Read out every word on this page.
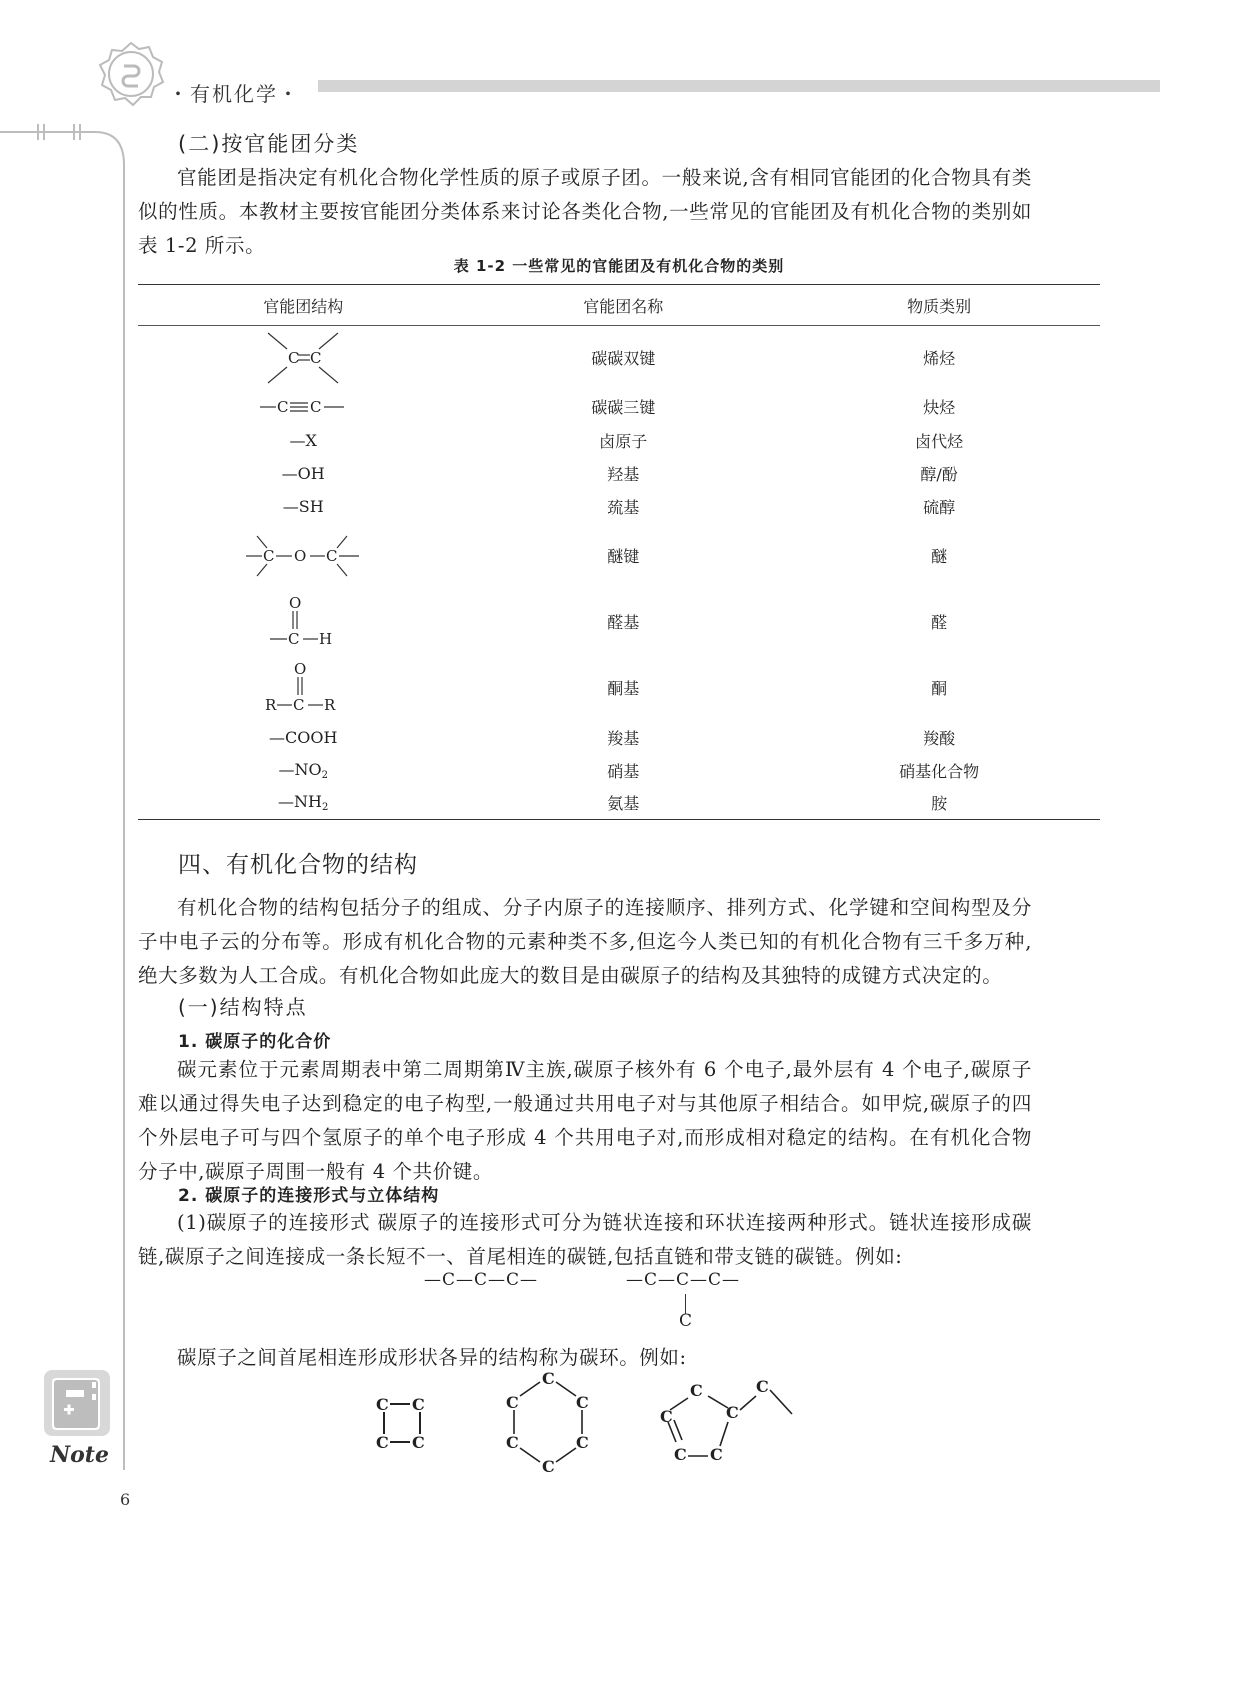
・有机化学・
(二)按官能团分类
官能团是指决定有机化合物化学性质的原子或原子团。一般来说,含有相同官能团的化合物具有类似的性质。本教材主要按官能团分类体系来讨论各类化合物,一些常见的官能团及有机化合物的类别如表 1-2 所示。
表 1-2 一些常见的官能团及有机化合物的类别
官能团结构	官能团名称	物质类别

C C	碳碳双键	烯烃

C C	碳碳三键	炔烃
—X	卤原子	卤代烃
—OH	羟基	醇/酚
—SH	巯基	硫醇

C O C	醚键	醚

O
C H	醛基	醛

O
R C R	酮基	酮
—COOH	羧基	羧酸
$—NO_2$	硝基	硝基化合物
$—NH_2$	氨基	胺
四、有机化合物的结构
有机化合物的结构包括分子的组成、分子内原子的连接顺序、排列方式、化学键和空间构型及分子中电子云的分布等。形成有机化合物的元素种类不多,但迄今人类已知的有机化合物有三千多万种,绝大多数为人工合成。有机化合物如此庞大的数目是由碳原子的结构及其独特的成键方式决定的。
(一)结构特点
1. 碳原子的化合价
碳元素位于元素周期表中第二周期第Ⅳ主族,碳原子核外有 6 个电子,最外层有 4 个电子,碳原子难以通过得失电子达到稳定的电子构型,一般通过共用电子对与其他原子相结合。如甲烷,碳原子的四个外层电子可与四个氢原子的单个电子形成 4 个共用电子对,而形成相对稳定的结构。在有机化合物分子中,碳原子周围一般有 4 个共价键。
2. 碳原子的连接形式与立体结构
(1)碳原子的连接形式 碳原子的连接形式可分为链状连接和环状连接两种形式。链状连接形成碳链,碳原子之间连接成一条长短不一、首尾相连的碳链,包括直链和带支链的碳链。例如:
—C—C—C—	—C—C—C—
C
碳原子之间首尾相连形成形状各异的结构称为碳环。例如:
C C
C C
C
C	C
C	C
C
C
C	C
C C
C
Note
6
